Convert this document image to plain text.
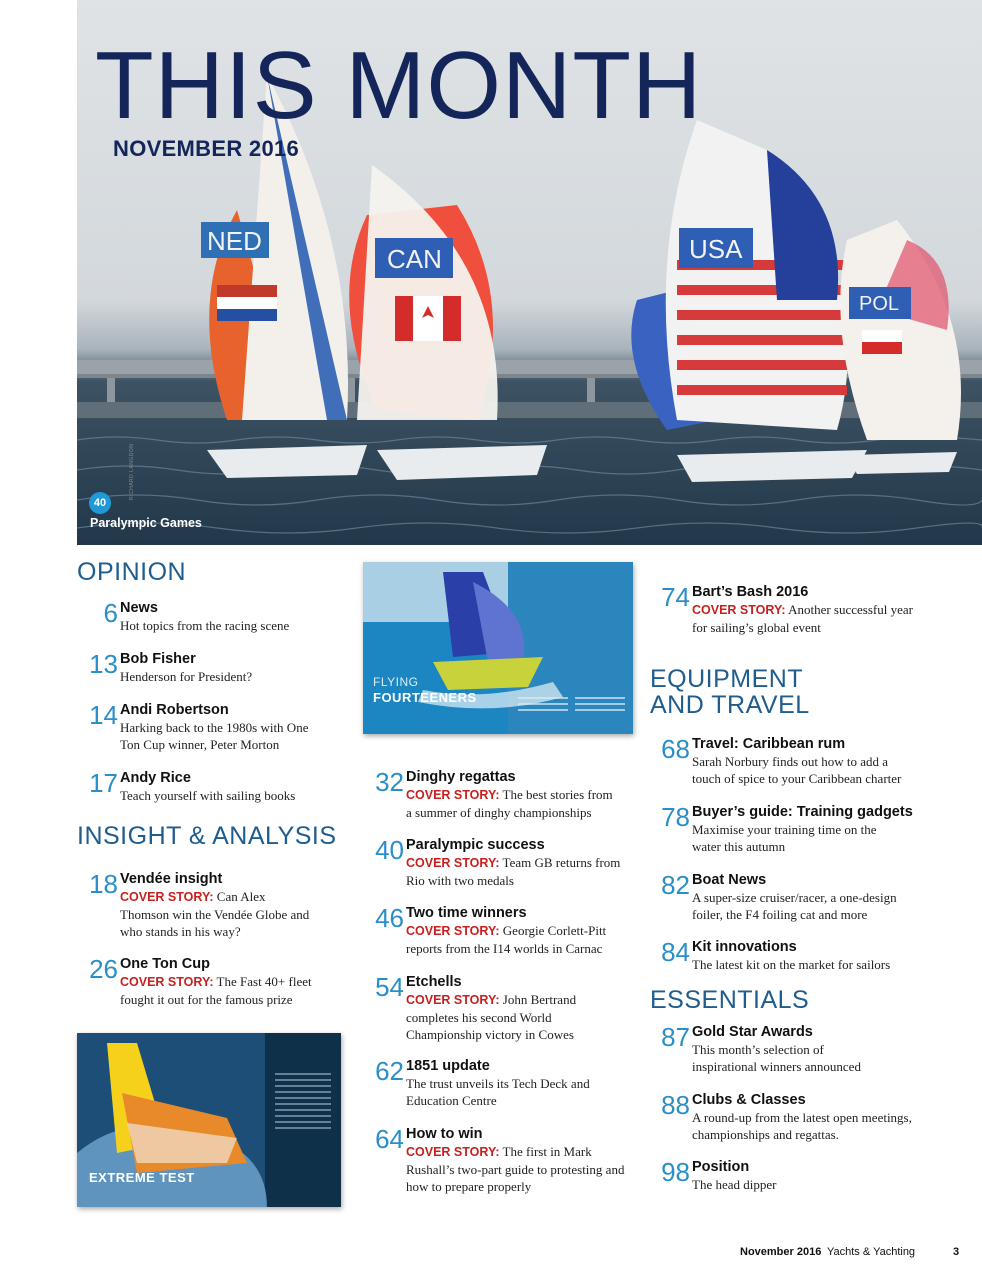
NED
CAN	USA
POL
RICHARD LANGDON
THIS MONTH
NOVEMBER 2016
40
Paralympic Games
OPINION
6 News
Hot topics from the racing scene
13 Bob Fisher
Henderson for President?
14 Andi Robertson
Harking back to the 1980s with One Ton Cup winner, Peter Morton
17 Andy Rice
Teach yourself with sailing books
INSIGHT & ANALYSIS
18 Vendée insight
COVER STORY: Can Alex Thomson win the Vendée Globe and who stands in his way?
26 One Ton Cup
COVER STORY: The Fast 40+ fleet fought it out for the famous prize
EXTREME TEST
FLYING
FOURTEENERS
32 Dinghy regattas
COVER STORY: The best stories from a summer of dinghy championships
40 Paralympic success
COVER STORY: Team GB returns from Rio with two medals
46 Two time winners
COVER STORY: Georgie Corlett-Pitt reports from the I14 worlds in Carnac
54 Etchells
COVER STORY: John Bertrand completes his second World Championship victory in Cowes
62 1851 update
The trust unveils its Tech Deck and Education Centre
64 How to win
COVER STORY: The first in Mark Rushall’s two-part guide to protesting and how to prepare properly
74 Bart’s Bash 2016
COVER STORY: Another successful year for sailing’s global event
EQUIPMENT AND TRAVEL
68 Travel: Caribbean rum
Sarah Norbury finds out how to add a touch of spice to your Caribbean charter
78 Buyer’s guide: Training gadgets
Maximise your training time on the water this autumn
82 Boat News
A super-size cruiser/racer, a one-design foiler, the F4 foiling cat and more
84 Kit innovations
The latest kit on the market for sailors
ESSENTIALS
87 Gold Star Awards
This month’s selection of inspirational winners announced
88 Clubs & Classes
A round-up from the latest open meetings, championships and regattas.
98 Position
The head dipper
November 2016 Yachts & Yachting	3
